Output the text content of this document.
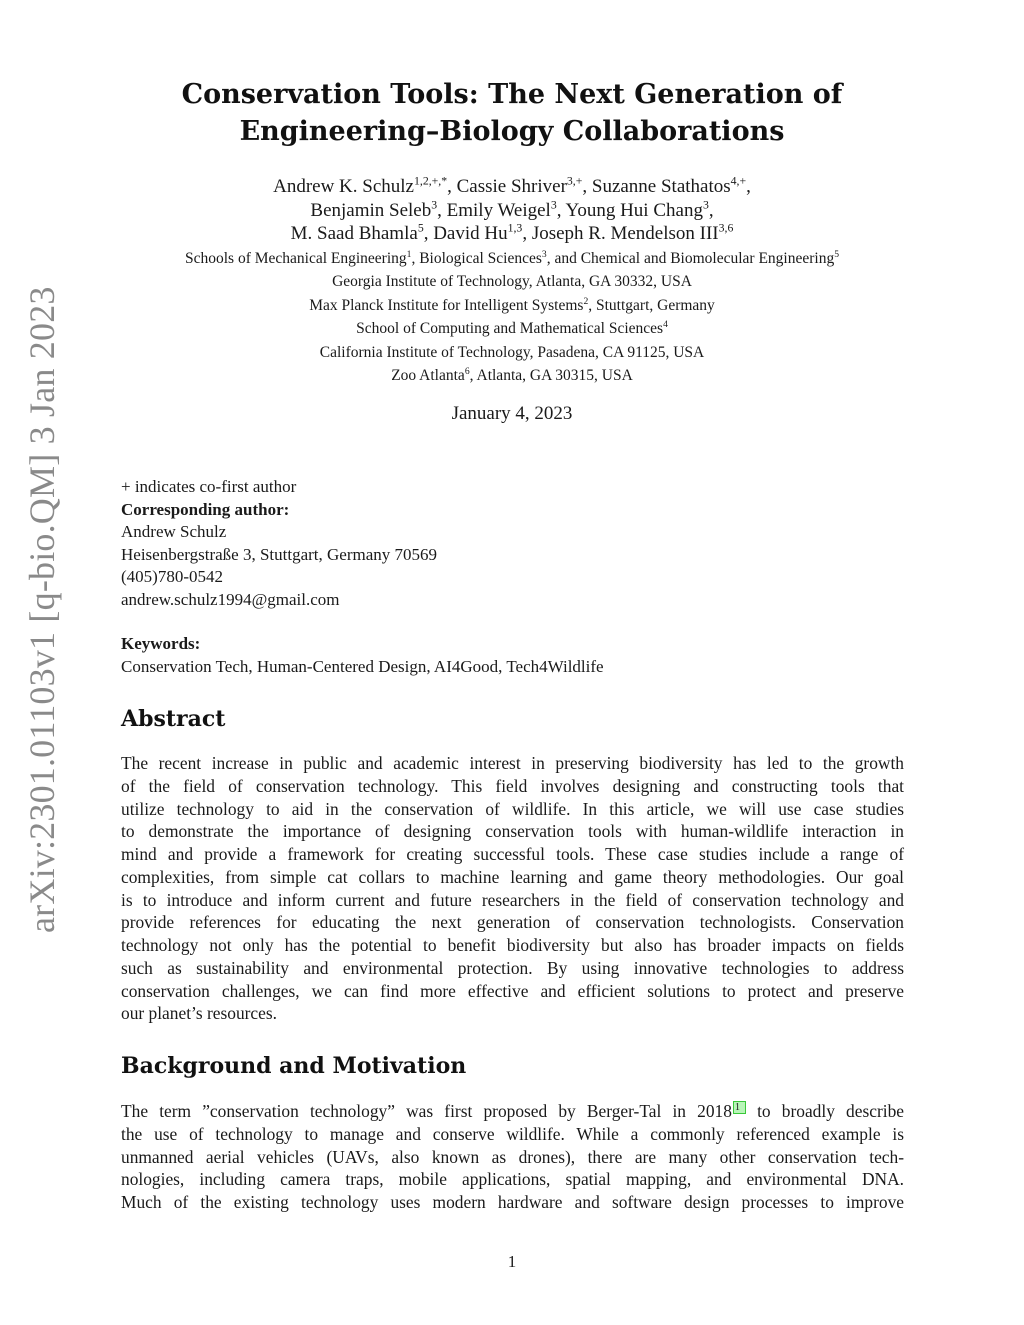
arXiv:2301.01103v1 [q-bio.QM] 3 Jan 2023
Conservation Tools: The Next Generation of
Engineering–Biology Collaborations
Andrew K. Schulz$^{1,2,+,*}$, Cassie Shriver$^{3,+}$, Suzanne Stathatos$^{4,+}$,
Benjamin Seleb$^3$, Emily Weigel$^3$, Young Hui Chang$^3$,
M. Saad Bhamla$^5$, David Hu$^{1,3}$, Joseph R. Mendelson III$^{3,6}$
Schools of Mechanical Engineering$^1$, Biological Sciences$^3$, and Chemical and Biomolecular Engineering$^5$
Georgia Institute of Technology, Atlanta, GA 30332, USA
Max Planck Institute for Intelligent Systems$^2$, Stuttgart, Germany
School of Computing and Mathematical Sciences$^4$
California Institute of Technology, Pasadena, CA 91125, USA
Zoo Atlanta$^6$, Atlanta, GA 30315, USA
January 4, 2023
+ indicates co-first author
Corresponding author:
Andrew Schulz
Heisenbergstraße 3, Stuttgart, Germany 70569
(405)780-0542
andrew.schulz1994@gmail.com
Keywords:
Conservation Tech, Human-Centered Design, AI4Good, Tech4Wildlife
Abstract
The recent increase in public and academic interest in preserving biodiversity has led to the growth
of the field of conservation technology. This field involves designing and constructing tools that
utilize technology to aid in the conservation of wildlife. In this article, we will use case studies
to demonstrate the importance of designing conservation tools with human-wildlife interaction in
mind and provide a framework for creating successful tools. These case studies include a range of
complexities, from simple cat collars to machine learning and game theory methodologies. Our goal
is to introduce and inform current and future researchers in the field of conservation technology and
provide references for educating the next generation of conservation technologists. Conservation
technology not only has the potential to benefit biodiversity but also has broader impacts on fields
such as sustainability and environmental protection. By using innovative technologies to address
conservation challenges, we can find more effective and efficient solutions to protect and preserve
our planet’s resources.
Background and Motivation
The term ”conservation technology” was first proposed by Berger-Tal in 2018 1 to broadly describe
the use of technology to manage and conserve wildlife. While a commonly referenced example is
unmanned aerial vehicles (UAVs, also known as drones), there are many other conservation tech-
nologies, including camera traps, mobile applications, spatial mapping, and environmental DNA.
Much of the existing technology uses modern hardware and software design processes to improve
1
